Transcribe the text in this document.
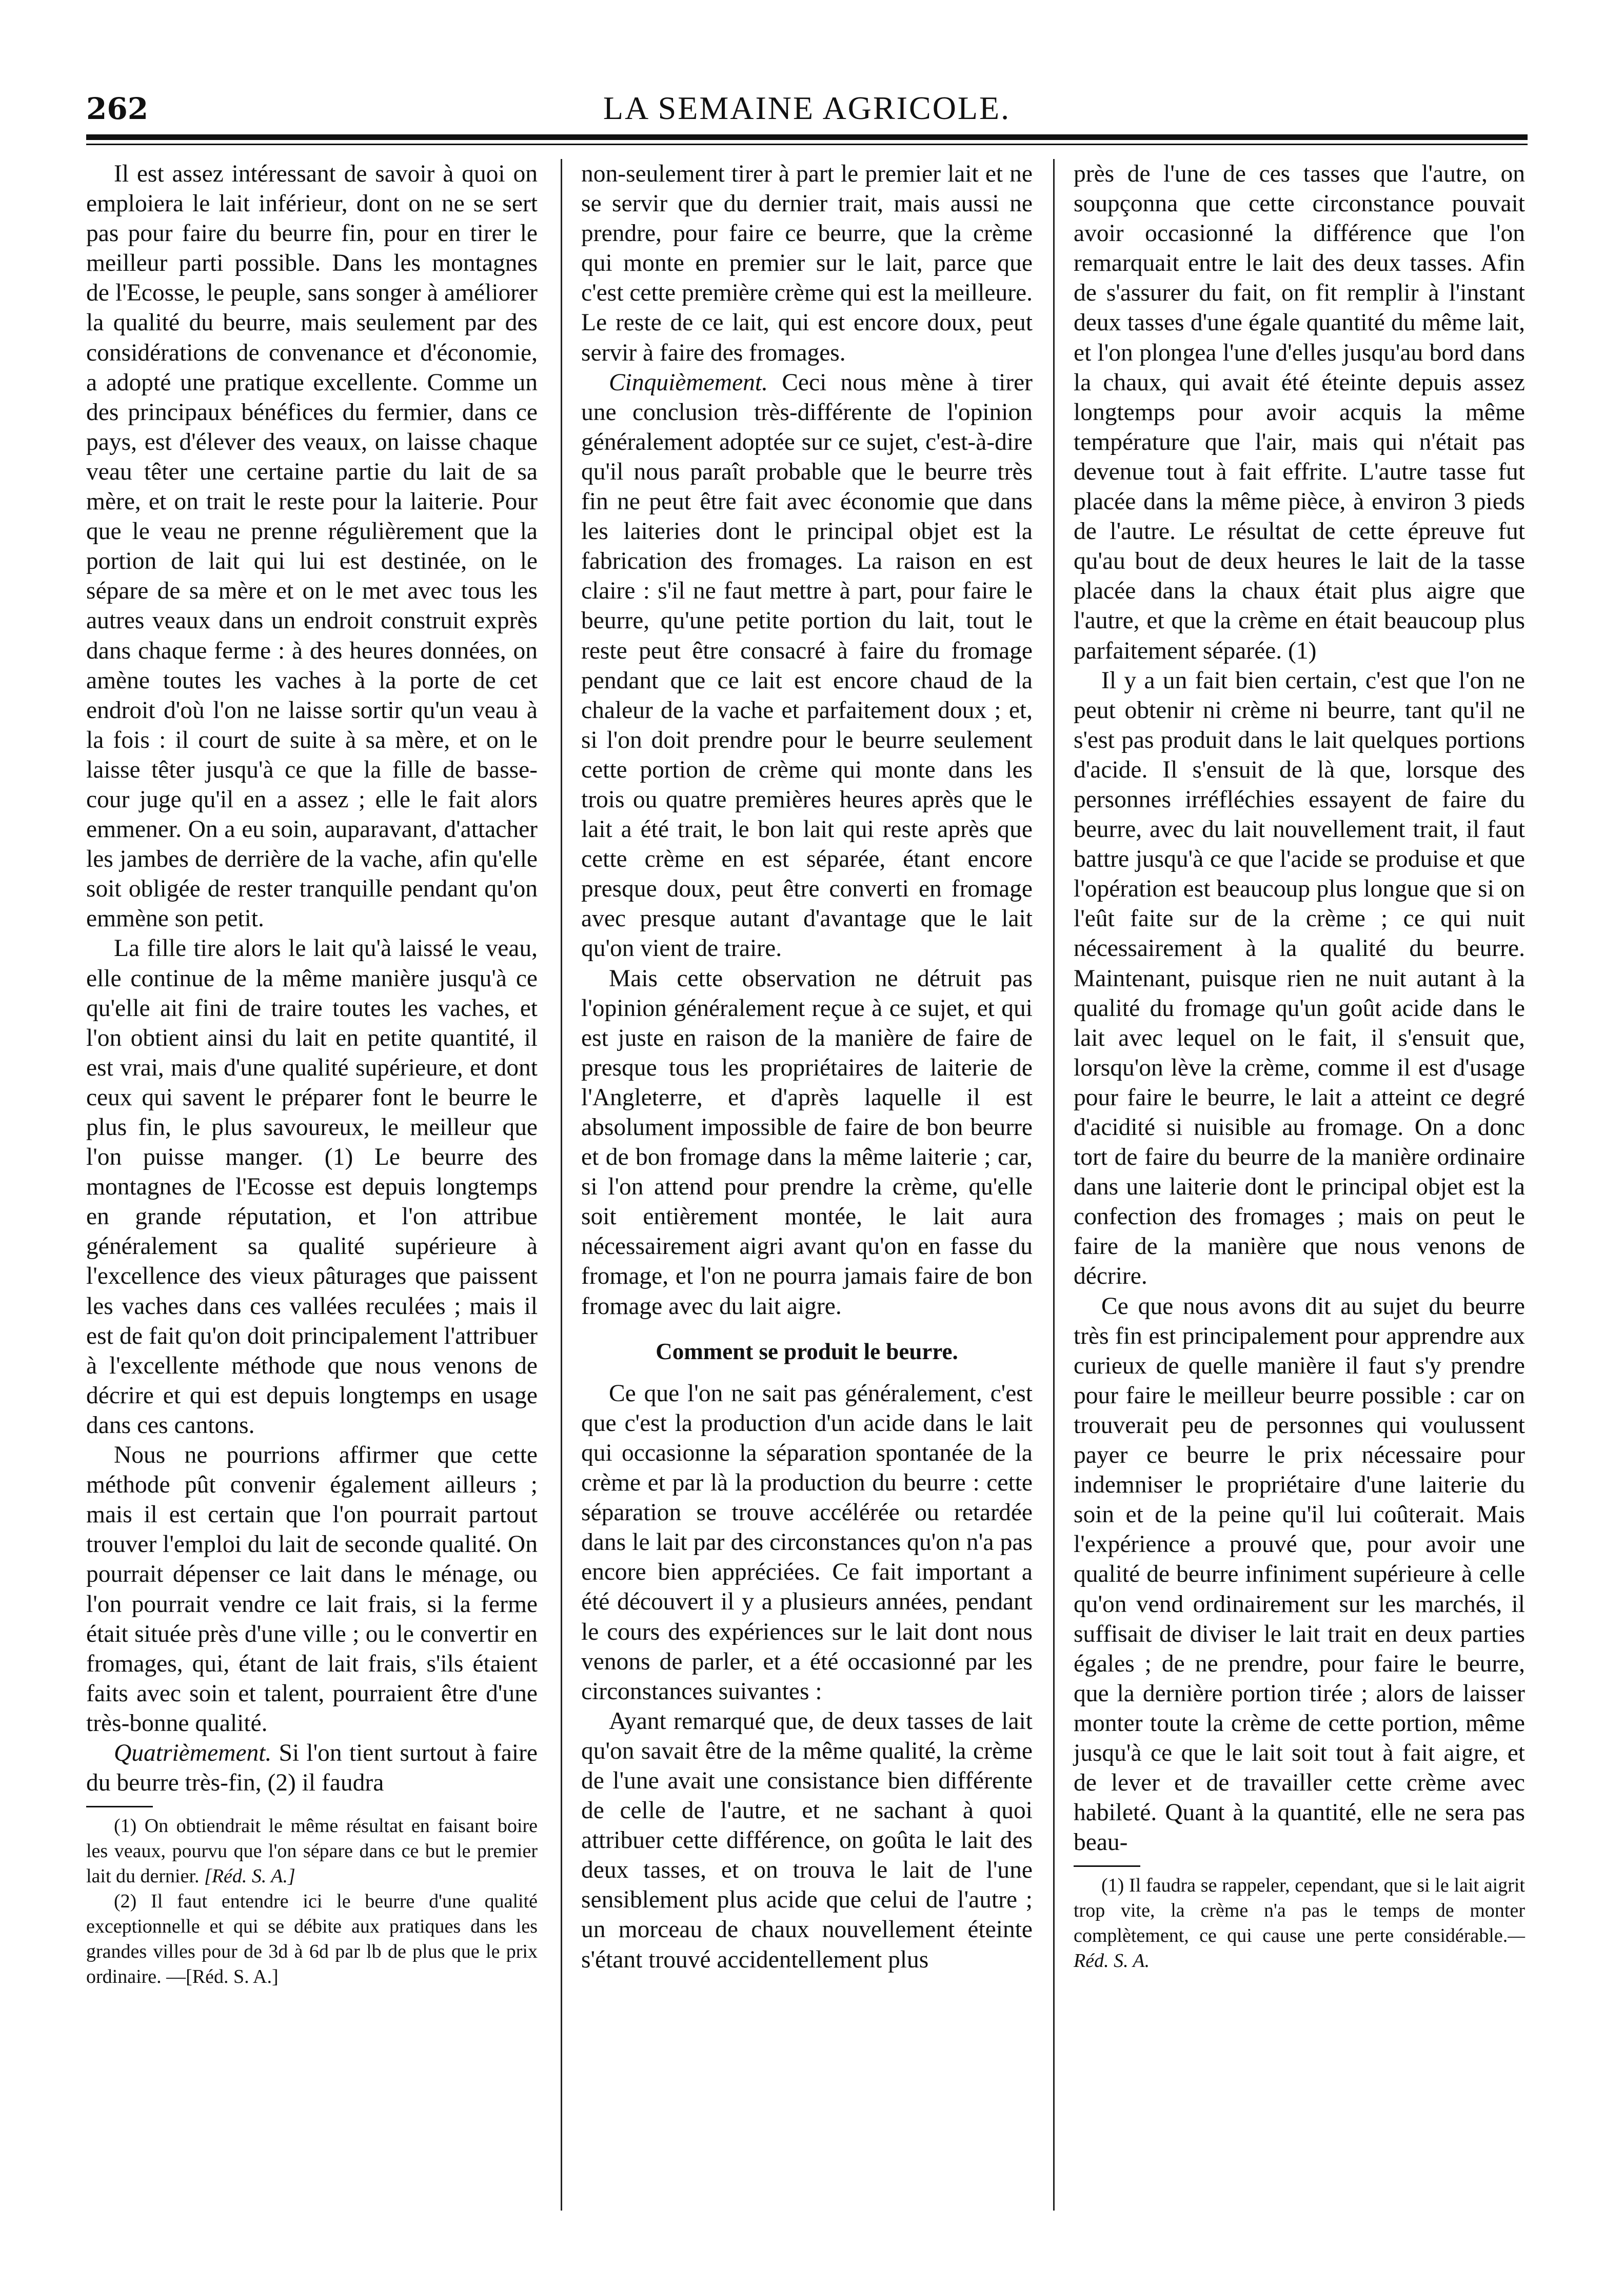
262	LA SEMAINE AGRICOLE.

Il est assez intéressant de savoir à quoi on emploiera le lait inférieur, dont on ne se sert pas pour faire du beurre fin, pour en tirer le meilleur parti possible. Dans les montagnes de l'Ecosse, le peuple, sans songer à améliorer la qualité du beurre, mais seulement par des considérations de convenance et d'économie, a adopté une pratique excellente. Comme un des principaux bénéfices du fermier, dans ce pays, est d'élever des veaux, on laisse chaque veau têter une certaine partie du lait de sa mère, et on trait le reste pour la laiterie. Pour que le veau ne prenne régulièrement que la portion de lait qui lui est destinée, on le sépare de sa mère et on le met avec tous les autres veaux dans un endroit construit exprès dans chaque ferme : à des heures données, on amène toutes les vaches à la porte de cet endroit d'où l'on ne laisse sortir qu'un veau à la fois : il court de suite à sa mère, et on le laisse têter jusqu'à ce que la fille de basse-cour juge qu'il en a assez ; elle le fait alors emmener. On a eu soin, auparavant, d'attacher les jambes de derrière de la vache, afin qu'elle soit obligée de rester tranquille pendant qu'on emmène son petit.

La fille tire alors le lait qu'à laissé le veau, elle continue de la même manière jusqu'à ce qu'elle ait fini de traire toutes les vaches, et l'on obtient ainsi du lait en petite quantité, il est vrai, mais d'une qualité supérieure, et dont ceux qui savent le préparer font le beurre le plus fin, le plus savoureux, le meilleur que l'on puisse manger. (1) Le beurre des montagnes de l'Ecosse est depuis longtemps en grande réputation, et l'on attribue généralement sa qualité supérieure à l'excellence des vieux pâturages que paissent les vaches dans ces vallées reculées ; mais il est de fait qu'on doit principalement l'attribuer à l'excellente méthode que nous venons de décrire et qui est depuis longtemps en usage dans ces cantons.

Nous ne pourrions affirmer que cette méthode pût convenir également ailleurs ; mais il est certain que l'on pourrait partout trouver l'emploi du lait de seconde qualité. On pourrait dépenser ce lait dans le ménage, ou l'on pourrait vendre ce lait frais, si la ferme était située près d'une ville ; ou le convertir en fromages, qui, étant de lait frais, s'ils étaient faits avec soin et talent, pourraient être d'une très-bonne qualité.

Quatrièmement. Si l'on tient surtout à faire du beurre très-fin, (2) il faudra

(1) On obtiendrait le même résultat en faisant boire les veaux, pourvu que l'on sépare dans ce but le premier lait du dernier. [Réd. S. A.]

(2) Il faut entendre ici le beurre d'une qualité exceptionnelle et qui se débite aux pratiques dans les grandes villes pour de 3d à 6d par lb de plus que le prix ordinaire. —[Réd. S. A.]

non-seulement tirer à part le premier lait et ne se servir que du dernier trait, mais aussi ne prendre, pour faire ce beurre, que la crème qui monte en premier sur le lait, parce que c'est cette première crème qui est la meilleure. Le reste de ce lait, qui est encore doux, peut servir à faire des fromages.

Cinquièmement. Ceci nous mène à tirer une conclusion très-différente de l'opinion généralement adoptée sur ce sujet, c'est-à-dire qu'il nous paraît probable que le beurre très fin ne peut être fait avec économie que dans les laiteries dont le principal objet est la fabrication des fromages. La raison en est claire : s'il ne faut mettre à part, pour faire le beurre, qu'une petite portion du lait, tout le reste peut être consacré à faire du fromage pendant que ce lait est encore chaud de la chaleur de la vache et parfaitement doux ; et, si l'on doit prendre pour le beurre seulement cette portion de crème qui monte dans les trois ou quatre premières heures après que le lait a été trait, le bon lait qui reste après que cette crème en est séparée, étant encore presque doux, peut être converti en fromage avec presque autant d'avantage que le lait qu'on vient de traire.

Mais cette observation ne détruit pas l'opinion généralement reçue à ce sujet, et qui est juste en raison de la manière de faire de presque tous les propriétaires de laiterie de l'Angleterre, et d'après laquelle il est absolument impossible de faire de bon beurre et de bon fromage dans la même laiterie ; car, si l'on attend pour prendre la crème, qu'elle soit entièrement montée, le lait aura nécessairement aigri avant qu'on en fasse du fromage, et l'on ne pourra jamais faire de bon fromage avec du lait aigre.

Comment se produit le beurre.

Ce que l'on ne sait pas généralement, c'est que c'est la production d'un acide dans le lait qui occasionne la séparation spontanée de la crème et par là la production du beurre : cette séparation se trouve accélérée ou retardée dans le lait par des circonstances qu'on n'a pas encore bien appréciées. Ce fait important a été découvert il y a plusieurs années, pendant le cours des expériences sur le lait dont nous venons de parler, et a été occasionné par les circonstances suivantes :

Ayant remarqué que, de deux tasses de lait qu'on savait être de la même qualité, la crème de l'une avait une consistance bien différente de celle de l'autre, et ne sachant à quoi attribuer cette différence, on goûta le lait des deux tasses, et on trouva le lait de l'une sensiblement plus acide que celui de l'autre ; un morceau de chaux nouvellement éteinte s'étant trouvé accidentellement plus

près de l'une de ces tasses que l'autre, on soupçonna que cette circonstance pouvait avoir occasionné la différence que l'on remarquait entre le lait des deux tasses. Afin de s'assurer du fait, on fit remplir à l'instant deux tasses d'une égale quantité du même lait, et l'on plongea l'une d'elles jusqu'au bord dans la chaux, qui avait été éteinte depuis assez longtemps pour avoir acquis la même température que l'air, mais qui n'était pas devenue tout à fait effrite. L'autre tasse fut placée dans la même pièce, à environ 3 pieds de l'autre. Le résultat de cette épreuve fut qu'au bout de deux heures le lait de la tasse placée dans la chaux était plus aigre que l'autre, et que la crème en était beaucoup plus parfaitement séparée. (1)

Il y a un fait bien certain, c'est que l'on ne peut obtenir ni crème ni beurre, tant qu'il ne s'est pas produit dans le lait quelques portions d'acide. Il s'ensuit de là que, lorsque des personnes irréfléchies essayent de faire du beurre, avec du lait nouvellement trait, il faut battre jusqu'à ce que l'acide se produise et que l'opération est beaucoup plus longue que si on l'eût faite sur de la crème ; ce qui nuit nécessairement à la qualité du beurre. Maintenant, puisque rien ne nuit autant à la qualité du fromage qu'un goût acide dans le lait avec lequel on le fait, il s'ensuit que, lorsqu'on lève la crème, comme il est d'usage pour faire le beurre, le lait a atteint ce degré d'acidité si nuisible au fromage. On a donc tort de faire du beurre de la manière ordinaire dans une laiterie dont le principal objet est la confection des fromages ; mais on peut le faire de la manière que nous venons de décrire.

Ce que nous avons dit au sujet du beurre très fin est principalement pour apprendre aux curieux de quelle manière il faut s'y prendre pour faire le meilleur beurre possible : car on trouverait peu de personnes qui voulussent payer ce beurre le prix nécessaire pour indemniser le propriétaire d'une laiterie du soin et de la peine qu'il lui coûterait. Mais l'expérience a prouvé que, pour avoir une qualité de beurre infiniment supérieure à celle qu'on vend ordinairement sur les marchés, il suffisait de diviser le lait trait en deux parties égales ; de ne prendre, pour faire le beurre, que la dernière portion tirée ; alors de laisser monter toute la crème de cette portion, même jusqu'à ce que le lait soit tout à fait aigre, et de lever et de travailler cette crème avec habileté. Quant à la quantité, elle ne sera pas beau-

(1) Il faudra se rappeler, cependant, que si le lait aigrit trop vite, la crème n'a pas le temps de monter complètement, ce qui cause une perte considérable.—Réd. S. A.
